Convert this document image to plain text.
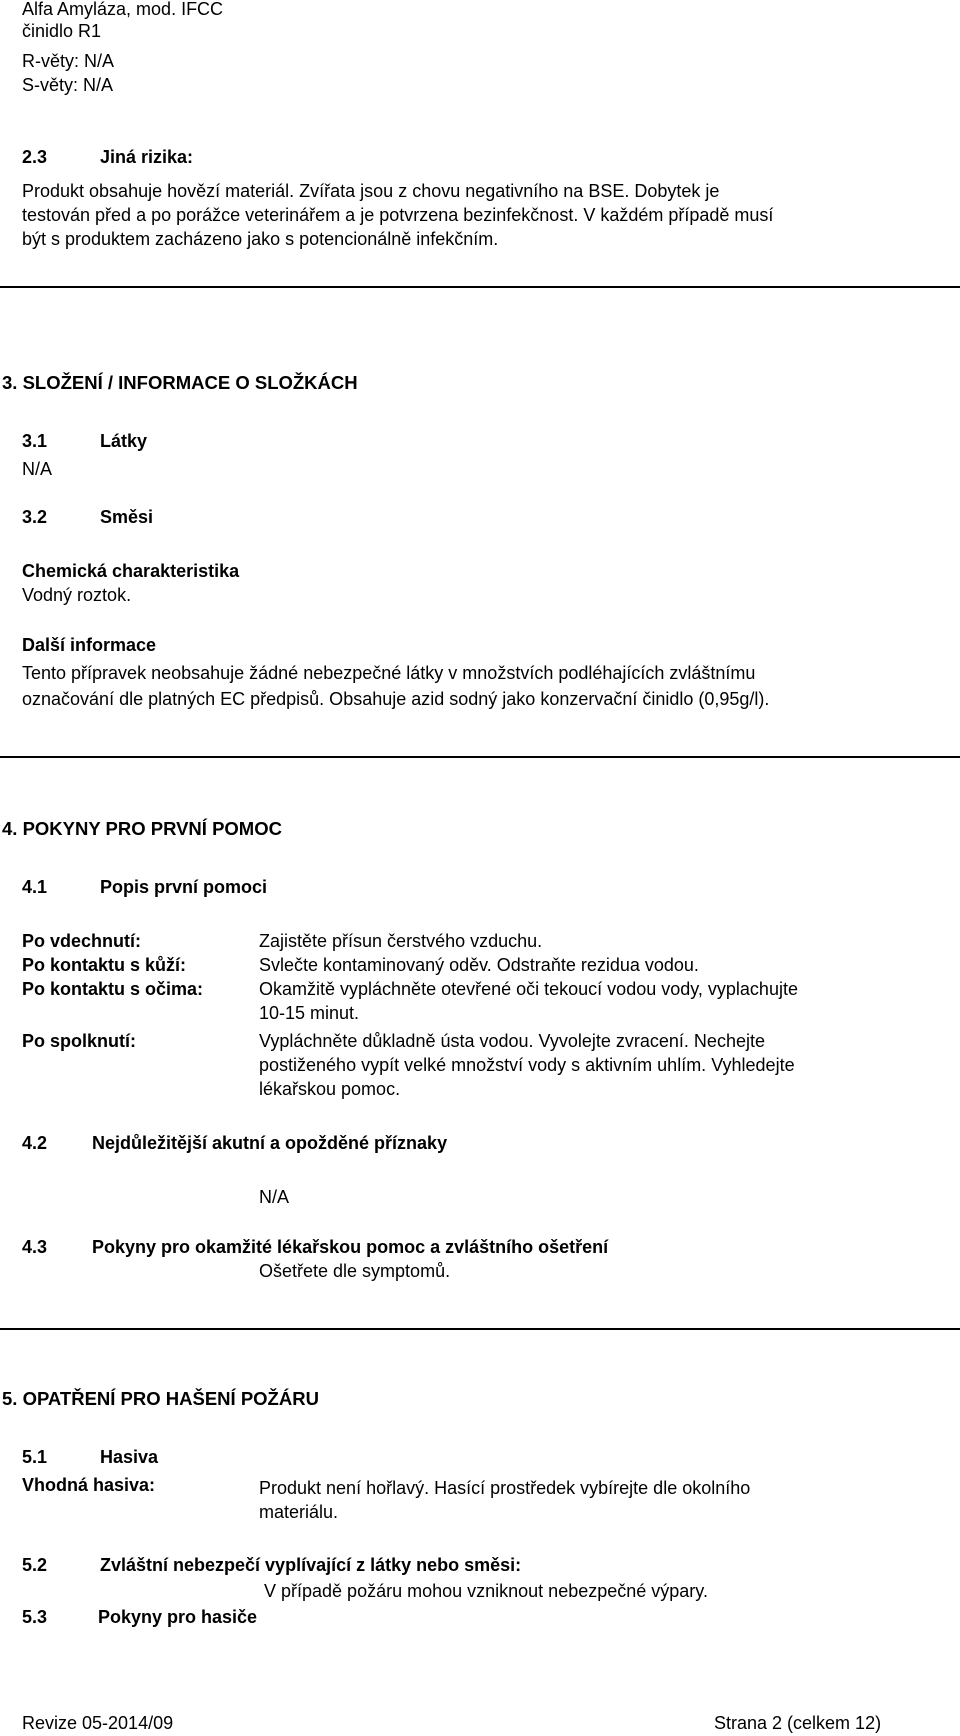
Alfa Amyláza, mod. IFCC
činidlo R1
R-věty: N/A
S-věty: N/A
2.3	Jiná rizika:
Produkt obsahuje hovězí materiál. Zvířata jsou z chovu negativního na BSE. Dobytek je
testován před a po porážce veterinářem a je potvrzena bezinfekčnost. V každém případě musí
být s produktem zacházeno jako s potencionálně infekčním.
3. SLOŽENÍ / INFORMACE O SLOŽKÁCH
3.1	Látky
N/A
3.2	Směsi
Chemická charakteristika
Vodný roztok.
Další informace
Tento přípravek neobsahuje žádné nebezpečné látky v množstvích podléhajících zvláštnímu
označování dle platných EC předpisů. Obsahuje azid sodný jako konzervační činidlo (0,95g/l).
4. POKYNY PRO PRVNÍ POMOC
4.1	Popis první pomoci
Po vdechnutí:	Zajistěte přísun čerstvého vzduchu.
Po kontaktu s kůží:	Svlečte kontaminovaný oděv. Odstraňte rezidua vodou.
Po kontaktu s očima:	Okamžitě vypláchněte otevřené oči tekoucí vodou vody, vyplachujte
10-15 minut.
Po spolknutí:	Vypláchněte důkladně ústa vodou. Vyvolejte zvracení. Nechejte
postiženého vypít velké množství vody s aktivním uhlím. Vyhledejte
lékařskou pomoc.
4.2 Nejdůležitější akutní a opožděné příznaky
N/A
4.3 Pokyny pro okamžité lékařskou pomoc a zvláštního ošetření
Ošetřete dle symptomů.
5. OPATŘENÍ PRO HAŠENÍ POŽÁRU
5.1	Hasiva
Vhodná hasiva:	Produkt není hořlavý. Hasící prostředek vybírejte dle okolního
materiálu.
5.2	Zvláštní nebezpečí vyplívající z látky nebo směsi:
V případě požáru mohou vzniknout nebezpečné výpary.
5.3	Pokyny pro hasiče
Revize 05-2014/09	Strana 2 (celkem 12)
